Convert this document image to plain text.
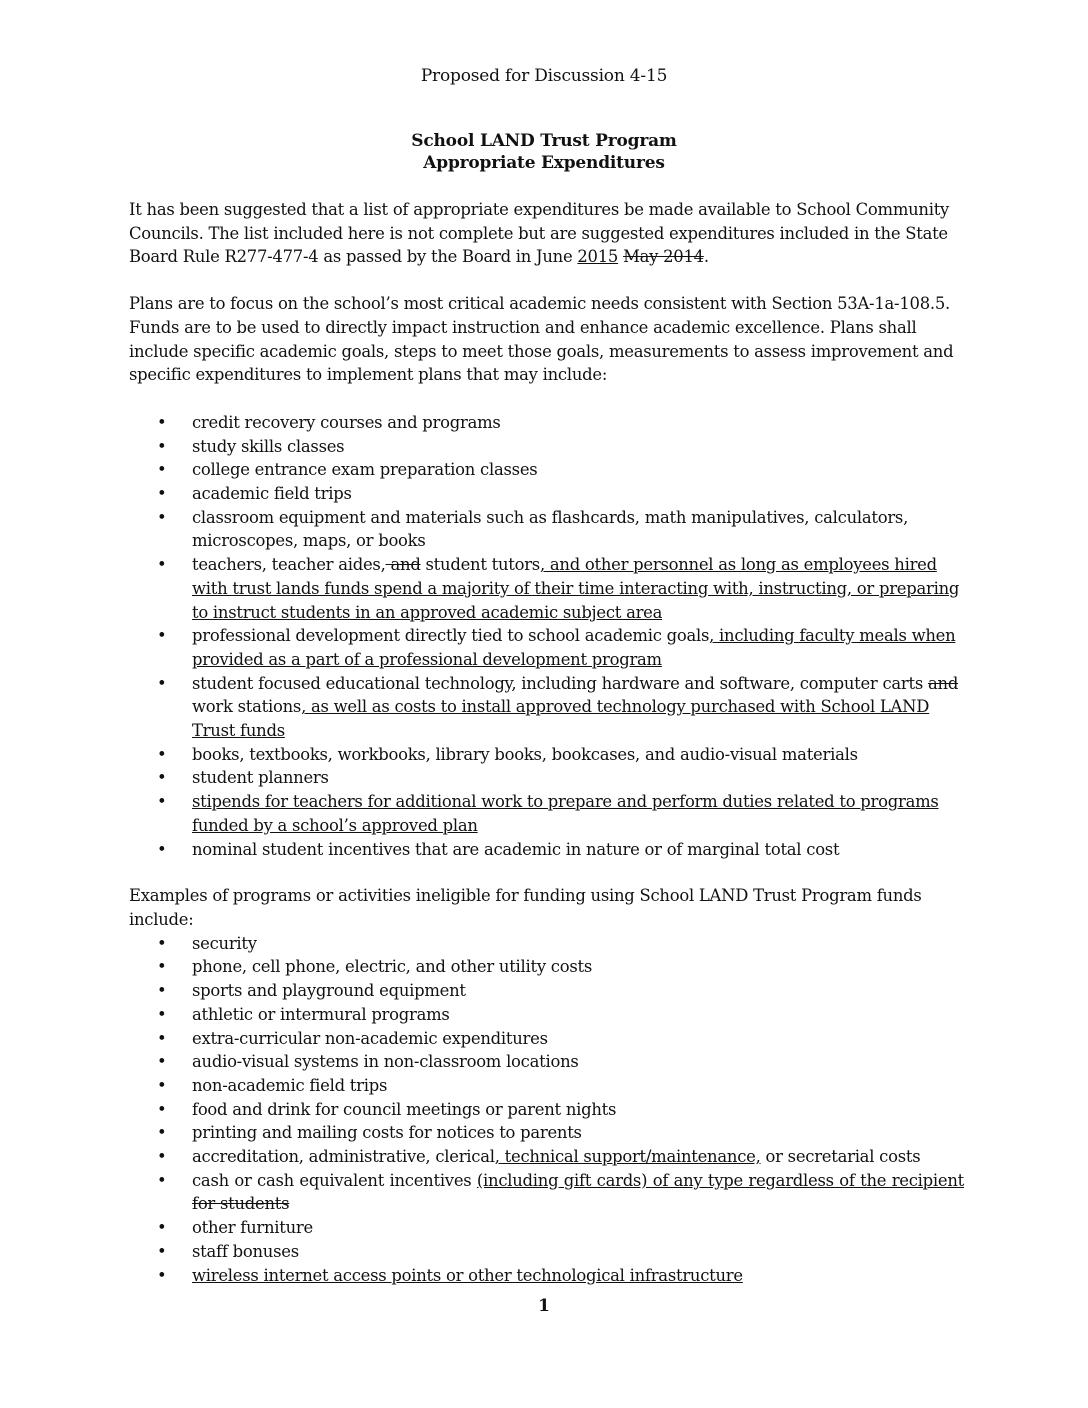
Proposed for Discussion 4-15
School LAND Trust Program
Appropriate Expenditures

It has been suggested that a list of appropriate expenditures be made available to School Community Councils. The list included here is not complete but are suggested expenditures included in the State Board Rule R277-477-4 as passed by the Board in June 2015 May 2014.

Plans are to focus on the school’s most critical academic needs consistent with Section 53A-1a-108.5. Funds are to be used to directly impact instruction and enhance academic excellence. Plans shall include specific academic goals, steps to meet those goals, measurements to assess improvement and specific expenditures to implement plans that may include:

• credit recovery courses and programs
• study skills classes
• college entrance exam preparation classes
• academic field trips
• classroom equipment and materials such as flashcards, math manipulatives, calculators, microscopes, maps, or books
• teachers, teacher aides, and student tutors, and other personnel as long as employees hired with trust lands funds spend a majority of their time interacting with, instructing, or preparing to instruct students in an approved academic subject area
• professional development directly tied to school academic goals, including faculty meals when provided as a part of a professional development program
• student focused educational technology, including hardware and software, computer carts and work stations, as well as costs to install approved technology purchased with School LAND Trust funds
• books, textbooks, workbooks, library books, bookcases, and audio-visual materials
• student planners
• stipends for teachers for additional work to prepare and perform duties related to programs funded by a school’s approved plan
• nominal student incentives that are academic in nature or of marginal total cost

Examples of programs or activities ineligible for funding using School LAND Trust Program funds include:

• security
• phone, cell phone, electric, and other utility costs
• sports and playground equipment
• athletic or intermural programs
• extra-curricular non-academic expenditures
• audio-visual systems in non-classroom locations
• non-academic field trips
• food and drink for council meetings or parent nights
• printing and mailing costs for notices to parents
• accreditation, administrative, clerical, technical support/maintenance, or secretarial costs
• cash or cash equivalent incentives (including gift cards) of any type regardless of the recipient for students
• other furniture
• staff bonuses
• wireless internet access points or other technological infrastructure
1
